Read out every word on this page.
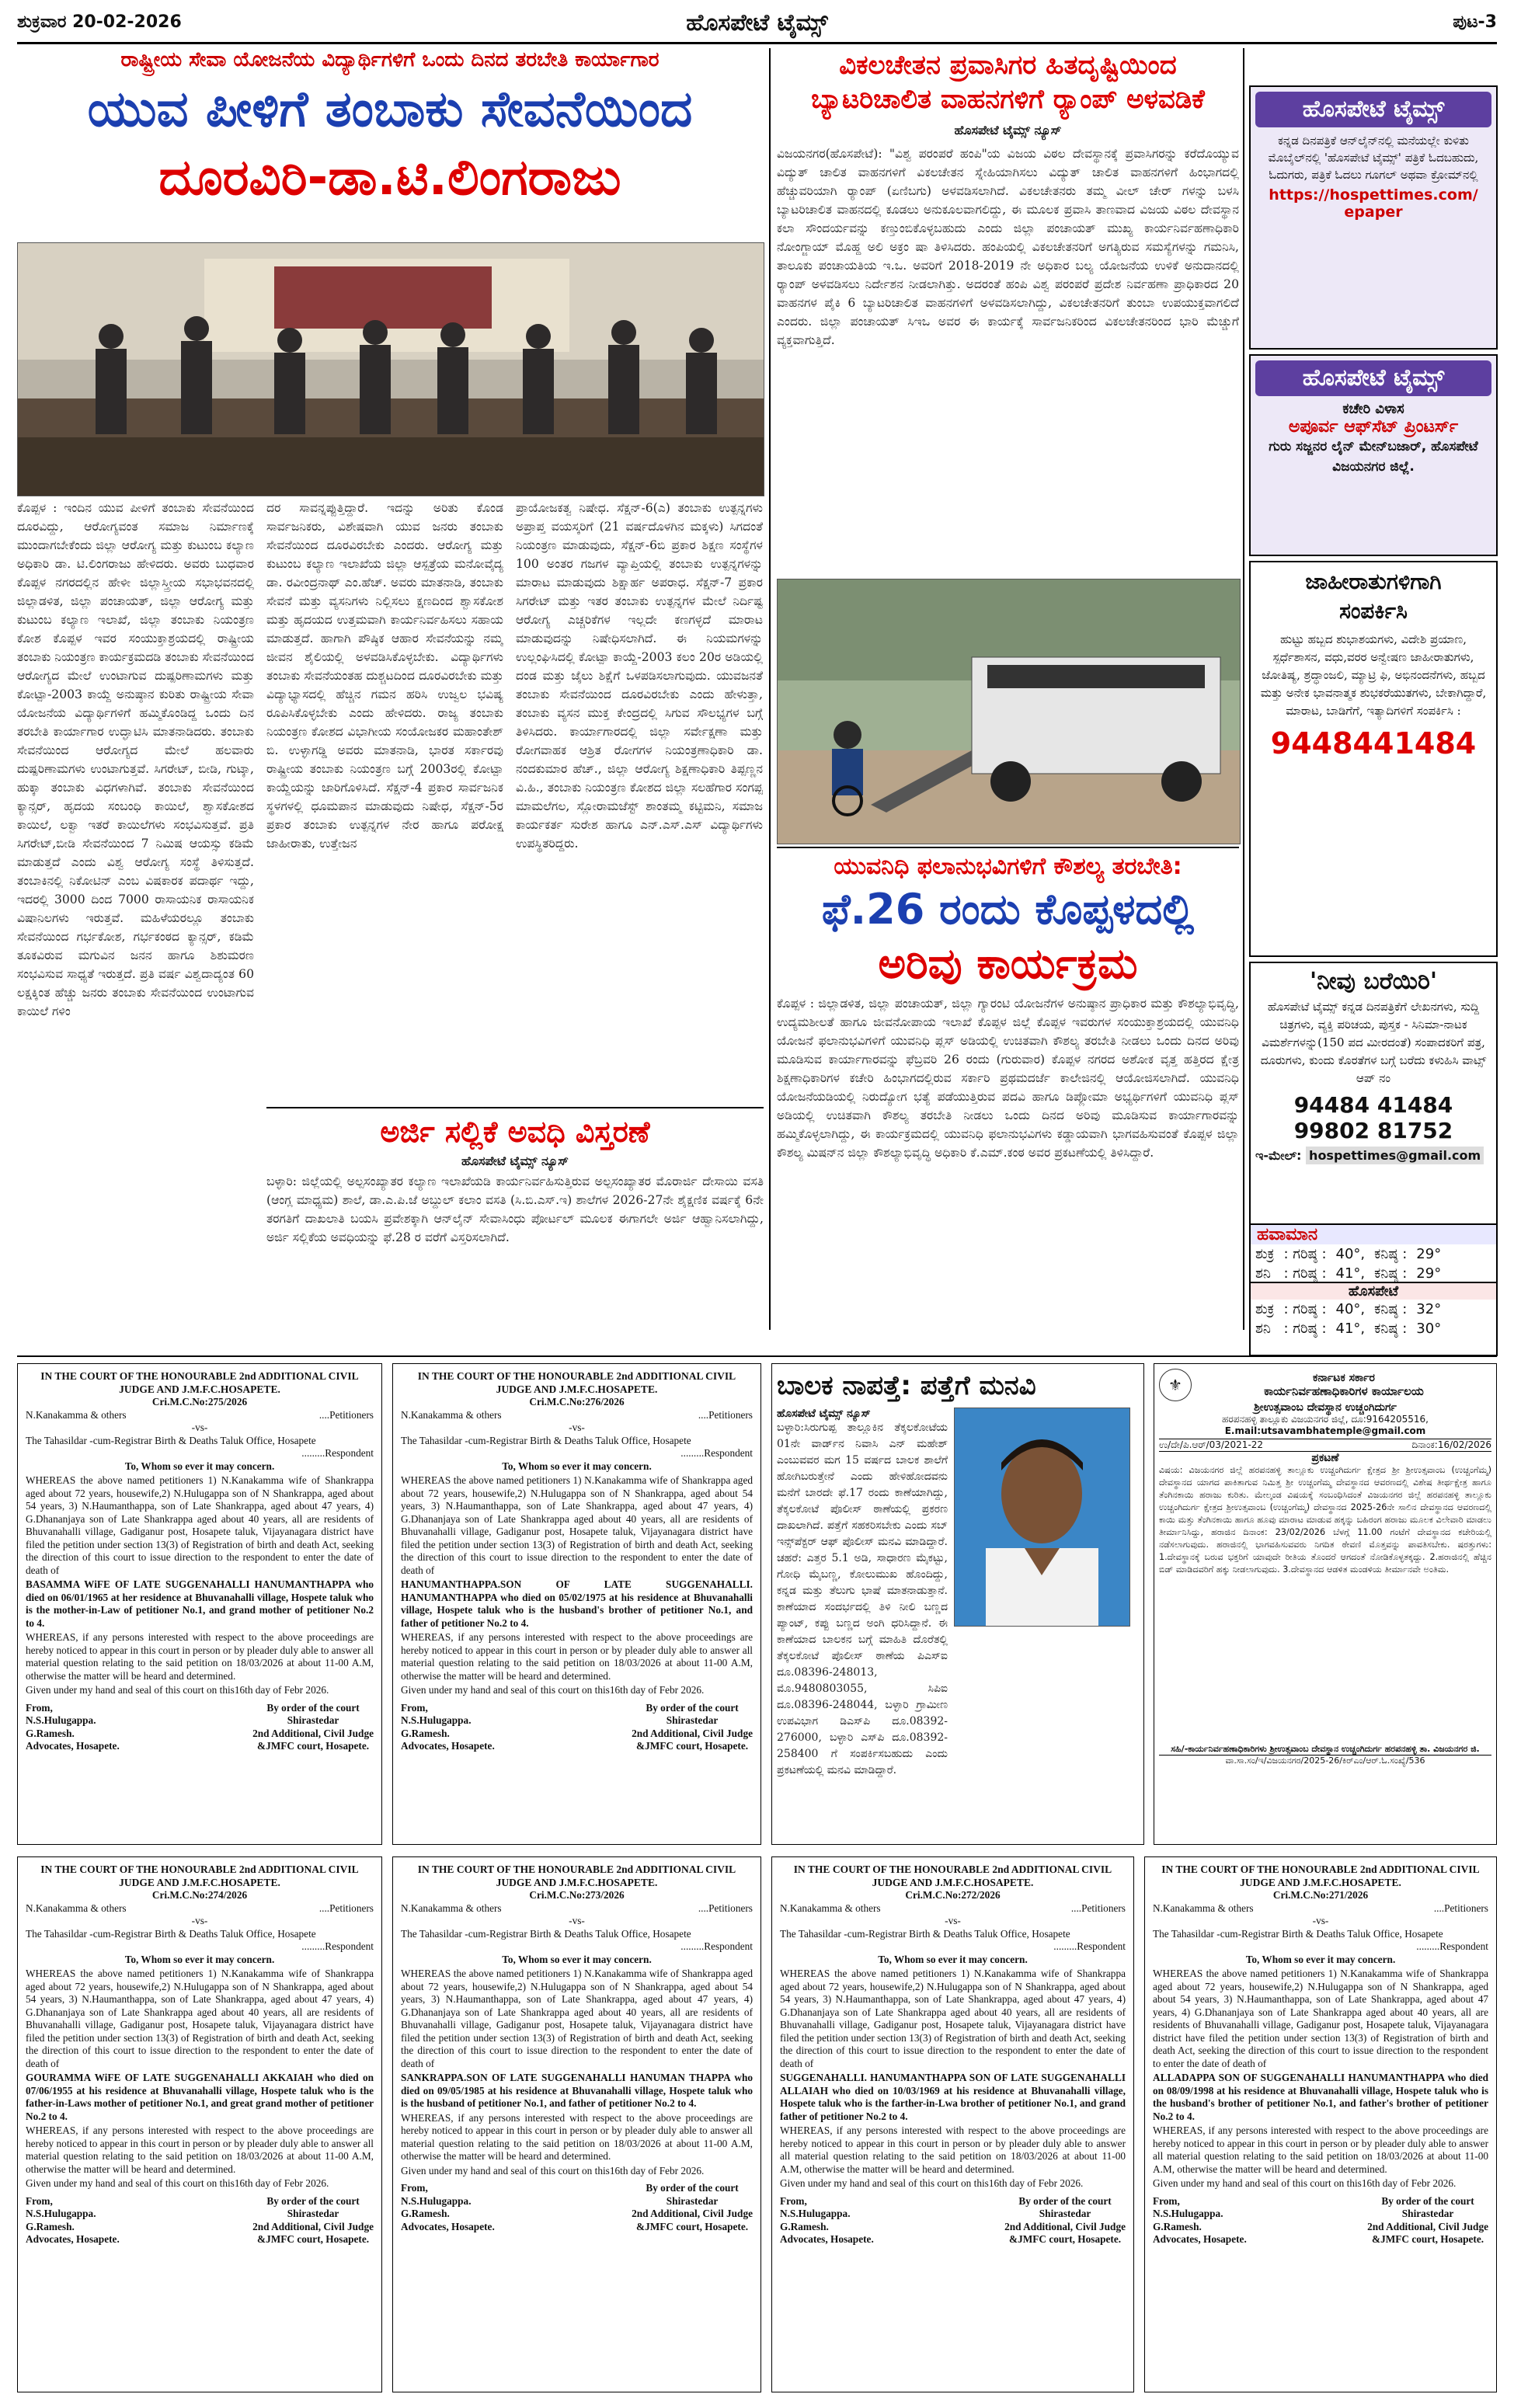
ಶುಕ್ರವಾರ 20-02-2026	ಹೊಸಪೇಟೆ ಟೈಮ್ಸ್	ಪುಟ-3
ರಾಷ್ಟ್ರೀಯ ಸೇವಾ ಯೋಜನೆಯ ವಿದ್ಯಾರ್ಥಿಗಳಿಗೆ ಒಂದು ದಿನದ ತರಬೇತಿ ಕಾರ್ಯಾಗಾರ
ಯುವ ಪೀಳಿಗೆ ತಂಬಾಕು ಸೇವನೆಯಿಂದ
ದೂರವಿರಿ-ಡಾ.ಟಿ.ಲಿಂಗರಾಜು
ಕೊಪ್ಪಳ : ಇಂದಿನ ಯುವ ಪೀಳಿಗೆ ತಂಬಾಕು ಸೇವನೆಯಿಂದ ದೂರವಿದ್ದು, ಆರೋಗ್ಯವಂತ ಸಮಾಜ ನಿರ್ಮಾಣಕ್ಕೆ ಮುಂದಾಗಬೇಕೆಂದು ಜಿಲ್ಲಾ ಆರೋಗ್ಯ ಮತ್ತು ಕುಟುಂಬ ಕಲ್ಯಾಣ ಅಧಿಕಾರಿ ಡಾ. ಟಿ.ಲಿಂಗರಾಜು ಹೇಳಿದರು. ಅವರು ಬುಧವಾರ ಕೊಪ್ಪಳ ನಗರದಲ್ಲಿನ ಹೇಳೀ ಜಿಲ್ಲಾಸ್ತ್ರೀಯ ಸಭಾಭವನದಲ್ಲಿ ಜಿಲ್ಲಾಡಳಿತ, ಜಿಲ್ಲಾ ಪಂಚಾಯತ್, ಜಿಲ್ಲಾ ಆರೋಗ್ಯ ಮತ್ತು ಕುಟುಂಬ ಕಲ್ಯಾಣ ಇಲಾಖೆ, ಜಿಲ್ಲಾ ತಂಬಾಕು ನಿಯಂತ್ರಣ ಕೋಶ ಕೊಪ್ಪಳ ಇವರ ಸಂಯುಕ್ತಾಶ್ರಯದಲ್ಲಿ ರಾಷ್ಟ್ರೀಯ ತಂಬಾಕು ನಿಯಂತ್ರಣ ಕಾರ್ಯಕ್ರಮದಡಿ ತಂಬಾಕು ಸೇವನೆಯಿಂದ ಆರೋಗ್ಯದ ಮೇಲೆ ಉಂಟಾಗುವ ದುಷ್ಪರಿಣಾಮಗಳು ಮತ್ತು ಕೋಟ್ಪಾ-2003 ಕಾಯ್ದೆ ಅನುಷ್ಠಾನ ಕುರಿತು ರಾಷ್ಟ್ರೀಯ ಸೇವಾ ಯೋಜನೆಯ ವಿದ್ಯಾರ್ಥಿಗಳಿಗೆ ಹಮ್ಮಿಕೊಂಡಿದ್ದ ಒಂದು ದಿನ ತರಬೇತಿ ಕಾರ್ಯಾಗಾರ ಉದ್ಘಾಟಿಸಿ ಮಾತನಾಡಿದರು. ತಂಬಾಕು ಸೇವನೆಯಿಂದ ಆರೋಗ್ಯದ ಮೇಲೆ ಹಲವಾರು ದುಷ್ಪರಿಣಾಮಗಳು ಉಂಟಾಗುತ್ತವೆ. ಸಿಗರೇಟ್, ಬೀಡಿ, ಗುಟ್ಕಾ, ಹುಕ್ಕಾ ತಂಬಾಕು ವಿಧಗಳಾಗಿವೆ. ತಂಬಾಕು ಸೇವನೆಯಿಂದ ಕ್ಯಾನ್ಸರ್, ಹೃದಯ ಸಂಬಂಧಿ ಕಾಯಿಲೆ, ಶ್ವಾಸಕೋಶದ ಕಾಯಿಲೆ, ಲಕ್ವಾ ಇತರೆ ಕಾಯಿಲೆಗಳು ಸಂಭವಿಸುತ್ತವೆ. ಪ್ರತಿ ಸಿಗರೇಟ್,ಬೀಡಿ ಸೇವನೆಯಿಂದ 7 ನಿಮಿಷ ಆಯಸ್ಸು ಕಡಿಮೆ ಮಾಡುತ್ತದೆ ಎಂದು ವಿಶ್ವ ಆರೋಗ್ಯ ಸಂಸ್ಥೆ ತಿಳಿಸುತ್ತದೆ. ತಂಬಾಕಿನಲ್ಲಿ ನಿಕೋಟಿನ್ ಎಂಬ ವಿಷಕಾರಕ ಪದಾರ್ಥ ಇದ್ದು, ಇದರಲ್ಲಿ 3000 ದಿಂದ 7000 ರಾಸಾಯನಿಕ ರಾಸಾಯನಿಕ ವಿಷಾನಿಲಗಳು ಇರುತ್ತವೆ. ಮಹಿಳೆಯರಲ್ಲೂ ತಂಬಾಕು ಸೇವನೆಯಿಂದ ಗರ್ಭಕೋಶ, ಗರ್ಭಕಂಠದ ಕ್ಯಾನ್ಸರ್, ಕಡಿಮೆ ತೂಕವಿರುವ ಮಗುವಿನ ಜನನ ಹಾಗೂ ಶಿಶುಮರಣ ಸಂಭವಿಸುವ ಸಾಧ್ಯತೆ ಇರುತ್ತದೆ. ಪ್ರತಿ ವರ್ಷ ವಿಶ್ವದಾದ್ಯಂತ 60 ಲಕ್ಷಕ್ಕಿಂತ ಹೆಚ್ಚು ಜನರು ತಂಬಾಕು ಸೇವನೆಯಿಂದ ಉಂಟಾಗುವ ಕಾಯಿಲೆ ಗಳಿಂ
ದರ ಸಾವನ್ನಪ್ಪುತ್ತಿದ್ದಾರೆ. ಇದನ್ನು ಅರಿತು ಕೊಂಡ ಸಾರ್ವಜನಿಕರು, ವಿಶೇಷವಾಗಿ ಯುವ ಜನರು ತಂಬಾಕು ಸೇವನೆಯಿಂದ ದೂರವಿರಬೇಕು ಎಂದರು. ಆರೋಗ್ಯ ಮತ್ತು ಕುಟುಂಬ ಕಲ್ಯಾಣ ಇಲಾಖೆಯ ಜಿಲ್ಲಾ ಆಸ್ಪತ್ರೆಯ ಮನೋವೈದ್ಯ ಡಾ. ರವೀಂದ್ರನಾಥ್ ಎಂ.ಹೆಚ್. ಅವರು ಮಾತನಾಡಿ, ತಂಬಾಕು ಸೇವನೆ ಮತ್ತು ವ್ಯಸನಿಗಳು ನಿಲ್ಲಿಸಲು ಕ್ಷಣದಿಂದ ಶ್ವಾಸಕೋಶ ಮತ್ತು ಹೃದಯದ ಉತ್ತಮವಾಗಿ ಕಾರ್ಯನಿರ್ವಹಿಸಲು ಸಹಾಯ ಮಾಡುತ್ತದೆ. ಹಾಗಾಗಿ ಪೌಷ್ಠಿಕ ಆಹಾರ ಸೇವನೆಯನ್ನು ನಮ್ಮ ಜೀವನ ಶೈಲಿಯಲ್ಲಿ ಅಳವಡಿಸಿಕೊಳ್ಳಬೇಕು. ವಿದ್ಯಾರ್ಥಿಗಳು ತಂಬಾಕು ಸೇವನೆಯಂತಹ ದುಶ್ಚಟದಿಂದ ದೂರವಿರಬೇಕು ಮತ್ತು ವಿದ್ಯಾಭ್ಯಾಸದಲ್ಲಿ ಹೆಚ್ಚಿನ ಗಮನ ಹರಿಸಿ ಉಜ್ವಲ ಭವಿಷ್ಯ ರೂಪಿಸಿಕೊಳ್ಳಬೇಕು ಎಂದು ಹೇಳಿದರು. ರಾಜ್ಯ ತಂಬಾಕು ನಿಯಂತ್ರಣ ಕೋಶದ ವಿಭಾಗೀಯ ಸಂಯೋಜಕರ ಮಹಾಂತೇಶ್ ಬಿ. ಉಳ್ಳಾಗಡ್ಡಿ ಅವರು ಮಾತನಾಡಿ, ಭಾರತ ಸರ್ಕಾರವು ರಾಷ್ಟ್ರೀಯ ತಂಬಾಕು ನಿಯಂತ್ರಣ ಬಗ್ಗೆ 2003ರಲ್ಲಿ ಕೋಟ್ಪಾ ಕಾಯ್ದೆಯನ್ನು ಜಾರಿಗೊಳಿಸಿದೆ. ಸೆಕ್ಷನ್-4 ಪ್ರಕಾರ ಸಾರ್ವಜನಿಕ ಸ್ಥಳಗಳಲ್ಲಿ ಧೂಮಪಾನ ಮಾಡುವುದು ನಿಷೇಧ, ಸೆಕ್ಷನ್-5ರ ಪ್ರಕಾರ ತಂಬಾಕು ಉತ್ಪನ್ನಗಳ ನೇರ ಹಾಗೂ ಪರೋಕ್ಷ ಜಾಹೀರಾತು, ಉತ್ತೇಜನ
ಪ್ರಾಯೋಜಕತ್ವ ನಿಷೇಧ. ಸೆಕ್ಷನ್-6(ಎ) ತಂಬಾಕು ಉತ್ಪನ್ನಗಳು ಅಪ್ರಾಪ್ತ ವಯಸ್ಕರಿಗೆ (21 ವರ್ಷದೊಳಗಿನ ಮಕ್ಕಳು) ಸಿಗದಂತೆ ನಿಯಂತ್ರಣ ಮಾಡುವುದು, ಸೆಕ್ಷನ್-6ಬಿ ಪ್ರಕಾರ ಶಿಕ್ಷಣ ಸಂಸ್ಥೆಗಳ 100 ಅಂತರ ಗಜಗಳ ವ್ಯಾಪ್ತಿಯಲ್ಲಿ ತಂಬಾಕು ಉತ್ಪನ್ನಗಳನ್ನು ಮಾರಾಟ ಮಾಡುವುದು ಶಿಕ್ಷಾರ್ಹ ಅಪರಾಧ. ಸೆಕ್ಷನ್-7 ಪ್ರಕಾರ ಸಿಗರೇಟ್ ಮತ್ತು ಇತರ ತಂಬಾಕು ಉತ್ಪನ್ನಗಳ ಮೇಲೆ ನಿರ್ದಿಷ್ಟ ಆರೋಗ್ಯ ಎಚ್ಚರಿಕೆಗಳ ಇಲ್ಲದೇ ಕಣಗಳ್ಳದೆ ಮಾರಾಟ ಮಾಡುವುದನ್ನು ನಿಷೇಧಿಸಲಾಗಿದೆ. ಈ ನಿಯಮಗಳನ್ನು ಉಲ್ಲಂಘಿಸಿದಲ್ಲಿ ಕೋಟ್ಪಾ ಕಾಯ್ದೆ-2003 ಕಲಂ 20ರ ಅಡಿಯಲ್ಲಿ ದಂಡ ಮತ್ತು ಜೈಲು ಶಿಕ್ಷೆಗೆ ಒಳಪಡಿಸಲಾಗುವುದು. ಯುವಜನತೆ ತಂಬಾಕು ಸೇವನೆಯಿಂದ ದೂರವಿರಬೇಕು ಎಂದು ಹೇಳುತ್ತಾ, ತಂಬಾಕು ವ್ಯಸನ ಮುಕ್ತ ಕೇಂದ್ರದಲ್ಲಿ ಸಿಗುವ ಸೌಲಭ್ಯಗಳ ಬಗ್ಗೆ ತಿಳಿಸಿದರು. ಕಾರ್ಯಾಗಾರದಲ್ಲಿ ಜಿಲ್ಲಾ ಸರ್ವೇಕ್ಷಣಾ ಮತ್ತು ರೋಗವಾಹಕ ಆಶ್ರಿತ ರೋಗಗಳ ನಿಯಂತ್ರಣಾಧಿಕಾರಿ ಡಾ. ನಂದಕುಮಾರ ಹೆಚ್., ಜಿಲ್ಲಾ ಆರೋಗ್ಯ ಶಿಕ್ಷಣಾಧಿಕಾರಿ ತಿಪ್ಪಣ್ಣನ ವಿ.ಹಿ., ತಂಬಾಕು ನಿಯಂತ್ರಣ ಕೋಶದ ಜಿಲ್ಲಾ ಸಲಹೆಗಾರ ಸಂಗಪ್ಪ ಮಾಮಲೆಗಲ, ಸ್ಲೋರಾಮಜೆಸ್ಟ್ ಶಾಂತಮ್ಮ ಕಟ್ಟಿಮನಿ, ಸಮಾಜ ಕಾರ್ಯಕರ್ತ ಸುರೇಶ ಹಾಗೂ ಎನ್.ಎಸ್.ಎಸ್ ವಿದ್ಯಾರ್ಥಿಗಳು ಉಪಸ್ಥಿತರಿದ್ದರು.
ಅರ್ಜಿ ಸಲ್ಲಿಕೆ ಅವಧಿ ವಿಸ್ತರಣೆ
ಹೊಸಪೇಟೆ ಟೈಮ್ಸ್ ನ್ಯೂಸ್
ಬಳ್ಳಾರಿ: ಜಿಲ್ಲೆಯಲ್ಲಿ ಅಲ್ಪಸಂಖ್ಯಾತರ ಕಲ್ಯಾಣ ಇಲಾಖೆಯಡಿ ಕಾರ್ಯನಿರ್ವಹಿಸುತ್ತಿರುವ ಅಲ್ಪಸಂಖ್ಯಾತರ ಮೊರಾರ್ಜಿ ದೇಸಾಯಿ ವಸತಿ (ಆಂಗ್ಲ ಮಾಧ್ಯಮ) ಶಾಲೆ, ಡಾ.ಎ.ಪಿ.ಜೆ ಅಬ್ದುಲ್ ಕಲಾಂ ವಸತಿ (ಸಿ.ಬಿ.ಎಸ್.ಇ) ಶಾಲೆಗಳ 2026-27ನೇ ಶೈಕ್ಷಣಿಕ ವರ್ಷಕ್ಕೆ 6ನೇ ತರಗತಿಗೆ ದಾಖಲಾತಿ ಬಯಸಿ ಪ್ರವೇಶಕ್ಕಾಗಿ ಆನ್‌ಲೈನ್ ಸೇವಾಸಿಂಧು ಪೋರ್ಟಲ್ ಮೂಲಕ ಈಗಾಗಲೇ ಅರ್ಜಿ ಆಹ್ವಾನಿಸಲಾಗಿದ್ದು, ಅರ್ಜಿ ಸಲ್ಲಿಕೆಯ ಅವಧಿಯನ್ನು ಫೆ.28 ರ ವರೆಗೆ ವಿಸ್ತರಿಸಲಾಗಿದೆ.
ವಿಕಲಚೇತನ ಪ್ರವಾಸಿಗರ ಹಿತದೃಷ್ಟಿಯಿಂದ
ಬ್ಯಾಟರಿಚಾಲಿತ ವಾಹನಗಳಿಗೆ ರ್‍ಯಾಂಪ್ ಅಳವಡಿಕೆ
ಹೊಸಪೇಟೆ ಟೈಮ್ಸ್ ನ್ಯೂಸ್
ವಿಜಯನಗರ(ಹೊಸಪೇಟೆ): "ವಿಶ್ವ ಪರಂಪರೆ ಹಂಪಿ"ಯ ವಿಜಯ ವಿಠಲ ದೇವಸ್ಥಾನಕ್ಕೆ ಪ್ರವಾಸಿಗರನ್ನು ಕರೆದೊಯ್ಯುವ ವಿದ್ಯುತ್ ಚಾಲಿತ ವಾಹನಗಳಿಗೆ ವಿಕಲಚೇತನ ಸ್ನೇಹಿಯಾಗಿಸಲು ವಿದ್ಯುತ್ ಚಾಲಿತ ವಾಹನಗಳಿಗೆ ಹಿಂಭಾಗದಲ್ಲಿ ಹೆಚ್ಚುವರಿಯಾಗಿ ರ್‍ಯಾಂಪ್ (ಏಣಿಬಗು) ಅಳವಡಿಸಲಾಗಿದೆ. ವಿಕಲಚೇತನರು ತಮ್ಮ ವೀಲ್ ಚೇರ್ ಗಳನ್ನು ಬಳಸಿ ಬ್ಯಾಟರಿಚಾಲಿತ ವಾಹನದಲ್ಲಿ ಕೂಡಲು ಅನುಕೂಲವಾಗಲಿದ್ದು, ಈ ಮೂಲಕ ಪ್ರವಾಸಿ ತಾಣವಾದ ವಿಜಯ ವಿಠಲ ದೇವಸ್ಥಾನ ಕಲಾ ಸೌಂದರ್ಯವನ್ನು ಕಣ್ತುಂಬಿಕೊಳ್ಳಬಹುದು ಎಂದು ಜಿಲ್ಲಾ ಪಂಚಾಯತ್ ಮುಖ್ಯ ಕಾರ್ಯನಿರ್ವಹಣಾಧಿಕಾರಿ ನೋಂಗ್ಜಾಯ್ ಮೊಹ್ದ ಅಲಿ ಅಕ್ರಂ ಷಾ ತಿಳಿಸಿದರು. ಹಂಪಿಯಲ್ಲಿ ವಿಕಲಚೇತನರಿಗೆ ಅಗತ್ಯಿರುವ ಸಮಸ್ಯೆಗಳನ್ನು ಗಮನಿಸಿ, ತಾಲೂಕು ಪಂಚಾಯತಿಯ ಇ.ಒ. ಅವರಿಗೆ 2018-2019 ನೇ ಅಧಿಕಾರ ಬಲ್ಯ ಯೋಜನೆಯ ಉಳಿಕೆ ಅನುದಾನದಲ್ಲಿ ರ್‍ಯಾಂಪ್ ಅಳವಡಿಸಲು ನಿರ್ದೇಶನ ನೀಡಲಾಗಿತ್ತು. ಅದರಂತೆ ಹಂಪಿ ವಿಶ್ವ ಪರಂಪರೆ ಪ್ರದೇಶ ನಿರ್ವಹಣಾ ಪ್ರಾಧಿಕಾರದ 20 ವಾಹನಗಳ ಪೈಕಿ 6 ಬ್ಯಾಟರಿಚಾಲಿತ ವಾಹನಗಳಿಗೆ ಅಳವಡಿಸಲಾಗಿದ್ದು, ವಿಕಲಚೇತನರಿಗೆ ತುಂಬಾ ಉಪಯುಕ್ತವಾಗಲಿದೆ ಎಂದರು. ಜಿಲ್ಲಾ ಪಂಚಾಯತ್ ಸಿಇಒ ಅವರ ಈ ಕಾರ್ಯಕ್ಕೆ ಸಾರ್ವಜನಿಕರಿಂದ ವಿಕಲಚೇತನರಿಂದ ಭಾರಿ ಮೆಚ್ಚುಗೆ ವ್ಯಕ್ತವಾಗುತ್ತಿದೆ.
ಯುವನಿಧಿ ಫಲಾನುಭವಿಗಳಿಗೆ ಕೌಶಲ್ಯ ತರಬೇತಿ:
ಫೆ.26 ರಂದು ಕೊಪ್ಪಳದಲ್ಲಿ
ಅರಿವು ಕಾರ್ಯಕ್ರಮ
ಕೊಪ್ಪಳ : ಜಿಲ್ಲಾಡಳಿತ, ಜಿಲ್ಲಾ ಪಂಚಾಯತ್, ಜಿಲ್ಲಾ ಗ್ಯಾರಂಟಿ ಯೋಜನೆಗಳ ಅನುಷ್ಠಾನ ಪ್ರಾಧಿಕಾರ ಮತ್ತು ಕೌಶಲ್ಯಾಭಿವೃದ್ಧಿ, ಉದ್ಯಮಶೀಲತೆ ಹಾಗೂ ಜೀವನೋಪಾಯ ಇಲಾಖೆ ಕೊಪ್ಪಳ ಜಿಲ್ಲೆ ಕೊಪ್ಪಳ ಇವರುಗಳ ಸಂಯುಕ್ತಾಶ್ರಯದಲ್ಲಿ ಯುವನಿಧಿ ಯೋಜನೆ ಫಲಾನುಭವಿಗಳಿಗೆ ಯುವನಿಧಿ ಪ್ಲಸ್ ಅಡಿಯಲ್ಲಿ ಉಚಿತವಾಗಿ ಕೌಶಲ್ಯ ತರಬೇತಿ ನೀಡಲು ಒಂದು ದಿನದ ಅರಿವು ಮೂಡಿಸುವ ಕಾರ್ಯಾಗಾರವನ್ನು ಫೆಬ್ರವರಿ 26 ರಂದು (ಗುರುವಾರ) ಕೊಪ್ಪಳ ನಗರದ ಅಶೋಕ ವೃತ್ತ ಹತ್ತಿರದ ಕ್ಷೇತ್ರ ಶಿಕ್ಷಣಾಧಿಕಾರಿಗಳ ಕಚೇರಿ ಹಿಂಭಾಗದಲ್ಲಿರುವ ಸರ್ಕಾರಿ ಪ್ರಥಮದರ್ಜೆ ಕಾಲೇಜಿನಲ್ಲಿ ಆಯೋಜಿಸಲಾಗಿದೆ. ಯುವನಿಧಿ ಯೋಜನೆಯಡಿಯಲ್ಲಿ ನಿರುದ್ಯೋಗ ಭತ್ಯೆ ಪಡೆಯುತ್ತಿರುವ ಪದವಿ ಹಾಗೂ ಡಿಪ್ಲೋಮಾ ಅಭ್ಯರ್ಥಿಗಳಿಗೆ ಯುವನಿಧಿ ಪ್ಲಸ್ ಅಡಿಯಲ್ಲಿ ಉಚಿತವಾಗಿ ಕೌಶಲ್ಯ ತರಬೇತಿ ನೀಡಲು ಒಂದು ದಿನದ ಅರಿವು ಮೂಡಿಸುವ ಕಾರ್ಯಾಗಾರವನ್ನು ಹಮ್ಮಿಕೊಳ್ಳಲಾಗಿದ್ದು, ಈ ಕಾರ್ಯಕ್ರಮದಲ್ಲಿ ಯುವನಿಧಿ ಫಲಾನುಭವಿಗಳು ಕಡ್ಡಾಯವಾಗಿ ಭಾಗವಹಿಸುವಂತೆ ಕೊಪ್ಪಳ ಜಿಲ್ಲಾ ಕೌಶಲ್ಯ ಮಿಷನ್‌ನ ಜಿಲ್ಲಾ ಕೌಶಲ್ಯಾಭಿವೃದ್ಧಿ ಅಧಿಕಾರಿ ಕೆ.ಎಮ್.ಕಂಠ ಅವರ ಪ್ರಕಟಣೆಯಲ್ಲಿ ತಿಳಿಸಿದ್ದಾರೆ.
ಹೊಸಪೇಟೆ ಟೈಮ್ಸ್
ಕನ್ನಡ ದಿನಪತ್ರಿಕೆ ಆನ್‌ಲೈನ್‌ನಲ್ಲಿ ಮನೆಯಲ್ಲೇ ಕುಳಿತು ಮೊಬೈಲ್‌ನಲ್ಲಿ 'ಹೊಸಪೇಟೆ ಟೈಮ್ಸ್' ಪತ್ರಿಕೆ ಓದಬಹುದು, ಓದುಗರು, ಪತ್ರಿಕೆ ಓದಲು ಗೂಗಲ್ ಅಥವಾ ಕ್ರೋಮ್‌ನಲ್ಲಿ
https://hospettimes.com/
epaper
ಹೊಸಪೇಟೆ ಟೈಮ್ಸ್
ಕಚೇರಿ ವಿಳಾಸ
ಅಪೂರ್ವ ಆಫ್‌ಸೆಟ್ ಪ್ರಿಂಟರ್ಸ್
ಗುರು ಸಜ್ಜನರ ಲೈನ್ ಮೇನ್‌ಬಜಾರ್, ಹೊಸಪೇಟೆ ವಿಜಯನಗರ ಜಿಲ್ಲೆ.
ಜಾಹೀರಾತುಗಳಿಗಾಗಿ
ಸಂಪರ್ಕಿಸಿ
ಹುಟ್ಟು ಹಬ್ಬದ ಶುಭಾಶಯಗಳು, ವಿದೇಶಿ ಪ್ರಯಾಣ, ಸ್ಪರ್ಧೆಶಾಸನ, ವಧು,ವರರ ಅನ್ವೇಷಣ ಜಾಹೀರಾತುಗಳು, ಜೋತಿಷ್ಯ, ಶ್ರದ್ಧಾಂಜಲಿ, ಮ್ಯಾಟ್ರಿ ಫಿ, ಅಭಿನಂದನೆಗಳು, ಹಬ್ಬದ ಮತ್ತು ಅನೇಕ ಭಾವನಾತ್ಮಕ ಶುಭಕರೆಯುತಗಳು, ಬೇಕಾಗಿದ್ದಾರೆ, ಮಾರಾಟ, ಬಾಡಿಗೆಗೆ, ಇತ್ಯಾದಿಗಳಿಗೆ ಸಂಪರ್ಕಿಸಿ :
9448441484
'ನೀವು ಬರೆಯಿರಿ'
ಹೊಸಪೇಟೆ ಟೈಮ್ಸ್ ಕನ್ನಡ ದಿನಪತ್ರಿಕೆಗೆ ಲೇಖನಗಳು, ಸುದ್ದಿ ಚಿತ್ರಗಳು, ವ್ಯಕ್ತಿ ಪರಿಚಯ, ಪುಸ್ತಕ - ಸಿನಿಮಾ-ನಾಟಕ ವಿಮರ್ಶೆಗಳನ್ನು(150 ಪದ ಮೀರದಂತೆ) ಸಂಪಾದಕರಿಗೆ ಪತ್ರ, ದೂರುಗಳು, ಕುಂದು ಕೊರತೆಗಳ ಬಗ್ಗೆ ಬರೆದು ಕಳುಹಿಸಿ ವಾಟ್ಸ್ ಆಪ್ ನಂ
94484 41484
99802 81752
ಇ-ಮೇಲ್: hospettimes@gmail.com
ಹವಾಮಾನ
ಶುಕ್ರ	: ಗರಿಷ್ಠ :	40°,	ಕನಿಷ್ಠ :	29°
ಶನಿ	: ಗರಿಷ್ಠ :	41°,	ಕನಿಷ್ಠ :	29°
ಹೊಸಪೇಟೆ
ಶುಕ್ರ	: ಗರಿಷ್ಠ :	40°,	ಕನಿಷ್ಠ :	32°
ಶನಿ	: ಗರಿಷ್ಠ :	41°,	ಕನಿಷ್ಠ :	30°
IN THE COURT OF THE HONOURABLE 2nd ADDITIONAL CIVIL JUDGE AND J.M.F.C.HOSAPETE.
Cri.M.C.No:275/2026
N.Kanakamma & others	....Petitioners
-vs-
The Tahasildar -cum-Registrar Birth & Deaths Taluk Office, Hosapete
.........Respondent
To, Whom so ever it may concern.
WHEREAS the above named petitioners 1) N.Kanakamma wife of Shankrappa aged about 72 years, housewife,2) N.Hulugappa son of N Shankrappa, aged about 54 years, 3) N.Haumanthappa, son of Late Shankrappa, aged about 47 years, 4) G.Dhananjaya son of Late Shankrappa aged about 40 years, all are residents of Bhuvanahalli village, Gadiganur post, Hosapete taluk, Vijayanagara district have filed the petition under section 13(3) of Registration of birth and death Act, seeking the direction of this court to issue direction to the respondent to enter the date of death of
BASAMMA WiFE OF LATE SUGGENAHALLI HANUMANTHAPPA who died on 06/01/1965 at her residence at Bhuvanahalli village, Hospete taluk who is the mother-in-Law of petitioner No.1, and grand mother of petitioner No.2 to 4.
WHEREAS, if any persons interested with respect to the above proceedings are hereby noticed to appear in this court in person or by pleader duly able to answer all material question relating to the said petition on 18/03/2026 at about 11-00 A.M, otherwise the matter will be heard and determined.
Given under my hand and seal of this court on this16th day of Febr 2026.
From,
N.S.Hulugappa.
G.Ramesh.
Advocates, Hosapete.
By order of the court
Shirastedar
2nd Additional, Civil Judge
&JMFC court, Hosapete.
IN THE COURT OF THE HONOURABLE 2nd ADDITIONAL CIVIL JUDGE AND J.M.F.C.HOSAPETE.
Cri.M.C.No:276/2026
N.Kanakamma & others	....Petitioners
-vs-
The Tahasildar -cum-Registrar Birth & Deaths Taluk Office, Hosapete
.........Respondent
To, Whom so ever it may concern.
WHEREAS the above named petitioners 1) N.Kanakamma wife of Shankrappa aged about 72 years, housewife,2) N.Hulugappa son of N Shankrappa, aged about 54 years, 3) N.Haumanthappa, son of Late Shankrappa, aged about 47 years, 4) G.Dhananjaya son of Late Shankrappa aged about 40 years, all are residents of Bhuvanahalli village, Gadiganur post, Hosapete taluk, Vijayanagara district have filed the petition under section 13(3) of Registration of birth and death Act, seeking the direction of this court to issue direction to the respondent to enter the date of death of
HANUMANTHAPPA.SON OF LATE SUGGENAHALLI. HANUMANTHAPPA who died on 05/02/1975 at his residence at Bhuvanahalli village, Hospete taluk who is the husband's brother of petitioner No.1, and father of petitioner No.2 to 4.
WHEREAS, if any persons interested with respect to the above proceedings are hereby noticed to appear in this court in person or by pleader duly able to answer all material question relating to the said petition on 18/03/2026 at about 11-00 A.M, otherwise the matter will be heard and determined.
Given under my hand and seal of this court on this16th day of Febr 2026.
From,
N.S.Hulugappa.
G.Ramesh.
Advocates, Hosapete.
By order of the court
Shirastedar
2nd Additional, Civil Judge
&JMFC court, Hosapete.
ಬಾಲಕ ನಾಪತ್ತೆ: ಪತ್ತೆಗೆ ಮನವಿ
ಹೊಸಪೇಟೆ ಟೈಮ್ಸ್ ನ್ಯೂಸ್
ಬಳ್ಳಾರಿ:ಸಿರುಗುಪ್ಪ ತಾಲ್ಲೂಕಿನ ತೆಕ್ಕಲಕೋಟೆಯ 01ನೇ ವಾರ್ಡ್‌ನ ನಿವಾಸಿ ಎನ್ ಮಹೇಶ್ ಎಂಬುವವರ ಮಗ 15 ವರ್ಷದ ಬಾಲಕ ಶಾಲೆಗೆ ಹೋಗಿಬರುತ್ತೇನೆ ಎಂದು ಹೇಳಿಹೋದವನು ಮನೆಗೆ ಬಾರದೇ ಫೆ.17 ರಂದು ಕಾಣೆಯಾಗಿದ್ದು, ತೆಕ್ಕಲಕೋಟೆ ಪೊಲೀಸ್ ಠಾಣೆಯಲ್ಲಿ ಪ್ರಕರಣ ದಾಖಲಾಗಿದೆ. ಪತ್ತೆಗೆ ಸಹಕರಿಸಬೇಕು ಎಂದು ಸಬ್ ಇನ್ಸ್‌ಪೆಕ್ಟರ್ ಆಫ್ ಪೊಲೀಸ್ ಮನವಿ ಮಾಡಿದ್ದಾರೆ. ಚಹರೆ: ಎತ್ತರ 5.1 ಅಡಿ, ಸಾಧಾರಣ ಮೈಕಟ್ಟು, ಗೋಧಿ ಮೈಬಣ್ಣ, ಕೋಲುಮುಖ ಹೊಂದಿದ್ದು, ಕನ್ನಡ ಮತ್ತು ತೆಲುಗು ಭಾಷೆ ಮಾತನಾಡುತ್ತಾನೆ. ಕಾಣೆಯಾದ ಸಂದರ್ಭದಲ್ಲಿ ತಿಳಿ ನೀಲಿ ಬಣ್ಣದ ಪ್ಯಾಂಟ್, ಕಪ್ಪು ಬಣ್ಣದ ಅಂಗಿ ಧರಿಸಿದ್ದಾನೆ. ಈ ಕಾಣೆಯಾದ ಬಾಲಕನ ಬಗ್ಗೆ ಮಾಹಿತಿ ದೊರೆತಲ್ಲಿ ತೆಕ್ಕಲಕೋಟೆ ಪೊಲೀಸ್ ಠಾಣೆಯ ಪಿಎಸ್‌ಐ ದೂ.08396-248013, ಮೊ.9480803055, ಸಿಪಿಐ ದೂ.08396-248044, ಬಳ್ಳಾರಿ ಗ್ರಾಮೀಣ ಉಪವಿಭಾಗ ಡಿಎಸ್‌ಪಿ ದೂ.08392-276000, ಬಳ್ಳಾರಿ ಎಸ್‌ಪಿ ದೂ.08392-258400 ಗೆ ಸಂಪರ್ಕಿಸಬಹುದು ಎಂದು ಪ್ರಕಟಣೆಯಲ್ಲಿ ಮನವಿ ಮಾಡಿದ್ದಾರೆ.
⚜	ಕರ್ನಾಟಕ ಸರ್ಕಾರ
ಕಾರ್ಯನಿರ್ವಹಣಾಧಿಕಾರಿಗಳ ಕಾರ್ಯಾಲಯ
ಶ್ರೀಉತ್ಸವಾಂಬ ದೇವಸ್ಥಾನ ಉಚ್ಚಂಗಿದುರ್ಗ
ಹರಪನಹಳ್ಳಿ ತಾಲ್ಲೂಕು ವಿಜಯನಗರ ಜಿಲ್ಲೆ, ದೂ:9164205516,
E.mail:utsavambhatemple@gmail.com
ಉ/ದೇ/ಪಿ.ಆರ್/03/2021-22	ದಿನಾಂಕ:16/02/2026
ಪ್ರಕಟಣೆ
ವಿಷಯ: ವಿಜಯನಗರ ಜಿಲ್ಲೆ ಹರಪನಹಳ್ಳಿ ತಾಲ್ಲೂಕು ಉಚ್ಚಂಗಿದುರ್ಗ ಕ್ಷೇತ್ರದ ಶ್ರೀ ಶ್ರೀಉತ್ಸವಾಂಬ (ಉಚ್ಚಂಗೆಮ್ಮ) ದೇವಸ್ಥಾನದ ಯಾಗದ ಪಾಕಿತಾಗುವ ನಿಮಿತ್ತ ಶ್ರೀ ಉಚ್ಚಂಗೆಮ್ಮ ದೇವಸ್ಥಾನದ ಆವರಣದಲ್ಲಿ ವಿಶೇಷ ತೀರ್ಥಕ್ಷೇತ್ರ ಹಾಗೂ ತೆಂಗಿನಕಾಯಿ ಹರಾಜು ಕುರಿತು. ಮೇಲ್ಕಂಡ ವಿಷಯಕ್ಕೆ ಸಂಬಂಧಿಸಿದಂತೆ ವಿಜಯನಗರ ಜಿಲ್ಲೆ ಹರಪನಹಳ್ಳಿ ತಾಲ್ಲೂಕು ಉಚ್ಚಂಗಿದುರ್ಗ ಕ್ಷೇತ್ರದ ಶ್ರೀಉತ್ಸವಾಂಬ (ಉಚ್ಚಂಗೆಮ್ಮ) ದೇವಸ್ಥಾನದ 2025-26ನೇ ಸಾಲಿನ ದೇವಸ್ಥಾನದ ಆವರಣದಲ್ಲಿ ಕಾಯಿ ಮತ್ತು ತೆಂಗಿನಕಾಯಿ ಹಾಗೂ ಹೂವು ಮಾರಾಟ ಮಾಡುವ ಹಕ್ಕನ್ನು ಬಹಿರಂಗ ಹರಾಜು ಮೂಲಕ ವಿಲೇವಾರಿ ಮಾಡಲು ತೀರ್ಮಾನಿಸಿದ್ದು, ಹರಾಜಿನ ದಿನಾಂಕ: 23/02/2026 ಬೆಳಗ್ಗೆ 11.00 ಗಂಟೆಗೆ ದೇವಸ್ಥಾನದ ಕಚೇರಿಯಲ್ಲಿ ನಡೆಸಲಾಗುವುದು. ಹರಾಜಿನಲ್ಲಿ ಭಾಗವಹಿಸುವವರು ನಿಗದಿತ ಠೇವಣಿ ಮೊತ್ತವನ್ನು ಪಾವತಿಸಬೇಕು. ಷರತ್ತುಗಳು: 1.ದೇವಸ್ಥಾನಕ್ಕೆ ಬರುವ ಭಕ್ತರಿಗೆ ಯಾವುದೇ ರೀತಿಯ ತೊಂದರೆ ಆಗದಂತೆ ನೋಡಿಕೊಳ್ಳತಕ್ಕದ್ದು. 2.ಹರಾಜಿನಲ್ಲಿ ಹೆಚ್ಚಿನ ಬಿಡ್ ಮಾಡಿದವರಿಗೆ ಹಕ್ಕು ನೀಡಲಾಗುವುದು. 3.ದೇವಸ್ಥಾನದ ಆಡಳಿತ ಮಂಡಳಿಯ ತೀರ್ಮಾನವೇ ಅಂತಿಮ.
ಸಹಿ/-ಕಾರ್ಯನಿರ್ವಹಣಾಧಿಕಾರಿಗಳು ಶ್ರೀಉತ್ಸವಾಂಬ ದೇವಸ್ಥಾನ ಉಚ್ಚಂಗಿದುರ್ಗ ಹರಪನಹಳ್ಳಿ ತಾ. ವಿಜಯನಗರ ಜಿ.
ವಾ.ಸಾ.ಸಂ/ಇ/ವಿಜಯನಗರ/2025-26/ಕಿರ್‌ಎಂ/ಆರ್.ಓ.ಸಂಖ್ಯೆ/536
IN THE COURT OF THE HONOURABLE 2nd ADDITIONAL CIVIL JUDGE AND J.M.F.C.HOSAPETE.
Cri.M.C.No:274/2026
N.Kanakamma & others	....Petitioners
-vs-
The Tahasildar -cum-Registrar Birth & Deaths Taluk Office, Hosapete
.........Respondent
To, Whom so ever it may concern.
WHEREAS the above named petitioners 1) N.Kanakamma wife of Shankrappa aged about 72 years, housewife,2) N.Hulugappa son of N Shankrappa, aged about 54 years, 3) N.Haumanthappa, son of Late Shankrappa, aged about 47 years, 4) G.Dhananjaya son of Late Shankrappa aged about 40 years, all are residents of Bhuvanahalli village, Gadiganur post, Hosapete taluk, Vijayanagara district have filed the petition under section 13(3) of Registration of birth and death Act, seeking the direction of this court to issue direction to the respondent to enter the date of death of
GOURAMMA WiFE OF LATE SUGGENAHALLI AKKAIAH who died on 07/06/1955 at his residence at Bhuvanahalli village, Hospete taluk who is the father-in-Laws mother of petitioner No.1, and great grand mother of petitioner No.2 to 4.
WHEREAS, if any persons interested with respect to the above proceedings are hereby noticed to appear in this court in person or by pleader duly able to answer all material question relating to the said petition on 18/03/2026 at about 11-00 A.M, otherwise the matter will be heard and determined.
Given under my hand and seal of this court on this16th day of Febr 2026.
From,
N.S.Hulugappa.
G.Ramesh.
Advocates, Hosapete.
By order of the court
Shirastedar
2nd Additional, Civil Judge
&JMFC court, Hosapete.
IN THE COURT OF THE HONOURABLE 2nd ADDITIONAL CIVIL JUDGE AND J.M.F.C.HOSAPETE.
Cri.M.C.No:273/2026
N.Kanakamma & others	....Petitioners
-vs-
The Tahasildar -cum-Registrar Birth & Deaths Taluk Office, Hosapete
.........Respondent
To, Whom so ever it may concern.
WHEREAS the above named petitioners 1) N.Kanakamma wife of Shankrappa aged about 72 years, housewife,2) N.Hulugappa son of N Shankrappa, aged about 54 years, 3) N.Haumanthappa, son of Late Shankrappa, aged about 47 years, 4) G.Dhananjaya son of Late Shankrappa aged about 40 years, all are residents of Bhuvanahalli village, Gadiganur post, Hosapete taluk, Vijayanagara district have filed the petition under section 13(3) of Registration of birth and death Act, seeking the direction of this court to issue direction to the respondent to enter the date of death of
SANKRAPPA.SON OF LATE SUGGENAHALLI HANUMAN THAPPA who died on 09/05/1985 at his residence at Bhuvanahalli village, Hospete taluk who is the husband of petitioner No.1, and father of petitioner No.2 to 4.
WHEREAS, if any persons interested with respect to the above proceedings are hereby noticed to appear in this court in person or by pleader duly able to answer all material question relating to the said petition on 18/03/2026 at about 11-00 A.M, otherwise the matter will be heard and determined.
Given under my hand and seal of this court on this16th day of Febr 2026.
From,
N.S.Hulugappa.
G.Ramesh.
Advocates, Hosapete.
By order of the court
Shirastedar
2nd Additional, Civil Judge
&JMFC court, Hosapete.
IN THE COURT OF THE HONOURABLE 2nd ADDITIONAL CIVIL JUDGE AND J.M.F.C.HOSAPETE.
Cri.M.C.No:272/2026
N.Kanakamma & others	....Petitioners
-vs-
The Tahasildar -cum-Registrar Birth & Deaths Taluk Office, Hosapete
.........Respondent
To, Whom so ever it may concern.
WHEREAS the above named petitioners 1) N.Kanakamma wife of Shankrappa aged about 72 years, housewife,2) N.Hulugappa son of N Shankrappa, aged about 54 years, 3) N.Haumanthappa, son of Late Shankrappa, aged about 47 years, 4) G.Dhananjaya son of Late Shankrappa aged about 40 years, all are residents of Bhuvanahalli village, Gadiganur post, Hosapete taluk, Vijayanagara district have filed the petition under section 13(3) of Registration of birth and death Act, seeking the direction of this court to issue direction to the respondent to enter the date of death of
SUGGENAHALLI. HANUMANTHAPPA SON OF LATE SUGGENAHALLI ALLAIAH who died on 10/03/1969 at his residence at Bhuvanahalli village, Hospete taluk who is the farther-in-Lwa brother of petitioner No.1, and grand father of petitioner No.2 to 4.
WHEREAS, if any persons interested with respect to the above proceedings are hereby noticed to appear in this court in person or by pleader duly able to answer all material question relating to the said petition on 18/03/2026 at about 11-00 A.M, otherwise the matter will be heard and determined.
Given under my hand and seal of this court on this16th day of Febr 2026.
From,
N.S.Hulugappa.
G.Ramesh.
Advocates, Hosapete.
By order of the court
Shirastedar
2nd Additional, Civil Judge
&JMFC court, Hosapete.
IN THE COURT OF THE HONOURABLE 2nd ADDITIONAL CIVIL JUDGE AND J.M.F.C.HOSAPETE.
Cri.M.C.No:271/2026
N.Kanakamma & others	....Petitioners
-vs-
The Tahasildar -cum-Registrar Birth & Deaths Taluk Office, Hosapete
.........Respondent
To, Whom so ever it may concern.
WHEREAS the above named petitioners 1) N.Kanakamma wife of Shankrappa aged about 72 years, housewife,2) N.Hulugappa son of N Shankrappa, aged about 54 years, 3) N.Haumanthappa, son of Late Shankrappa, aged about 47 years, 4) G.Dhananjaya son of Late Shankrappa aged about 40 years, all are residents of Bhuvanahalli village, Gadiganur post, Hosapete taluk, Vijayanagara district have filed the petition under section 13(3) of Registration of birth and death Act, seeking the direction of this court to issue direction to the respondent to enter the date of death of
ALLADAPPA SON OF SUGGENAHALLI HANUMANTHAPPA who died on 08/09/1998 at his residence at Bhuvanahalli village, Hospete taluk who is the husband's brother of petitioner No.1, and father's brother of petitioner No.2 to 4.
WHEREAS, if any persons interested with respect to the above proceedings are hereby noticed to appear in this court in person or by pleader duly able to answer all material question relating to the said petition on 18/03/2026 at about 11-00 A.M, otherwise the matter will be heard and determined.
Given under my hand and seal of this court on this16th day of Febr 2026.
From,
N.S.Hulugappa.
G.Ramesh.
Advocates, Hosapete.
By order of the court
Shirastedar
2nd Additional, Civil Judge
&JMFC court, Hosapete.
